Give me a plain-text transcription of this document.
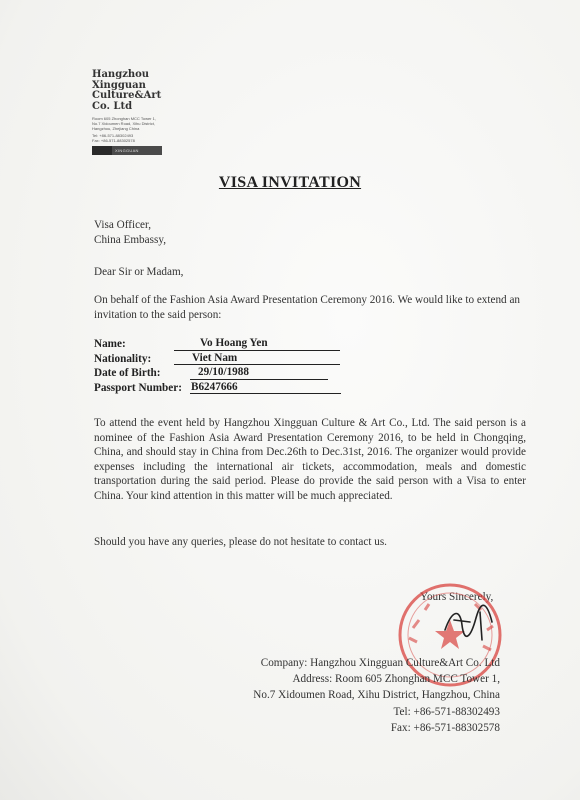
Hangzhou
Xingguan
Culture&Art
Co. Ltd
Room 605 Zhonghan MCC Tower 1,
No.7 Xidoumen Road, Xihu District,
Hangzhou, Zhejiang China
Tel: +86-571-88302493
Fax: +86-571-88302578
XINGGUAN
VISA INVITATION
Visa Officer,
China Embassy,
Dear Sir or Madam,
On behalf of the Fashion Asia Award Presentation Ceremony 2016. We would like to extend an invitation to the said person:
Name:	Vo Hoang Yen
Nationality:	Viet Nam
Date of Birth:	29/10/1988
Passport Number: B6247666
To attend the event held by Hangzhou Xingguan Culture & Art Co., Ltd. The said person is a nominee of the Fashion Asia Award Presentation Ceremony 2016, to be held in Chongqing, China, and should stay in China from Dec.26th to Dec.31st, 2016. The organizer would provide expenses including the international air tickets, accommodation, meals and domestic transportation during the said period. Please do provide the said person with a Visa to enter China. Your kind attention in this matter will be much appreciated.
Should you have any queries, please do not hesitate to contact us.
Yours Sincerely,
Company: Hangzhou Xingguan Culture&Art Co. Ltd
Address: Room 605 Zhonghan MCC Tower 1,
No.7 Xidoumen Road, Xihu District, Hangzhou, China
Tel: +86-571-88302493
Fax: +86-571-88302578
